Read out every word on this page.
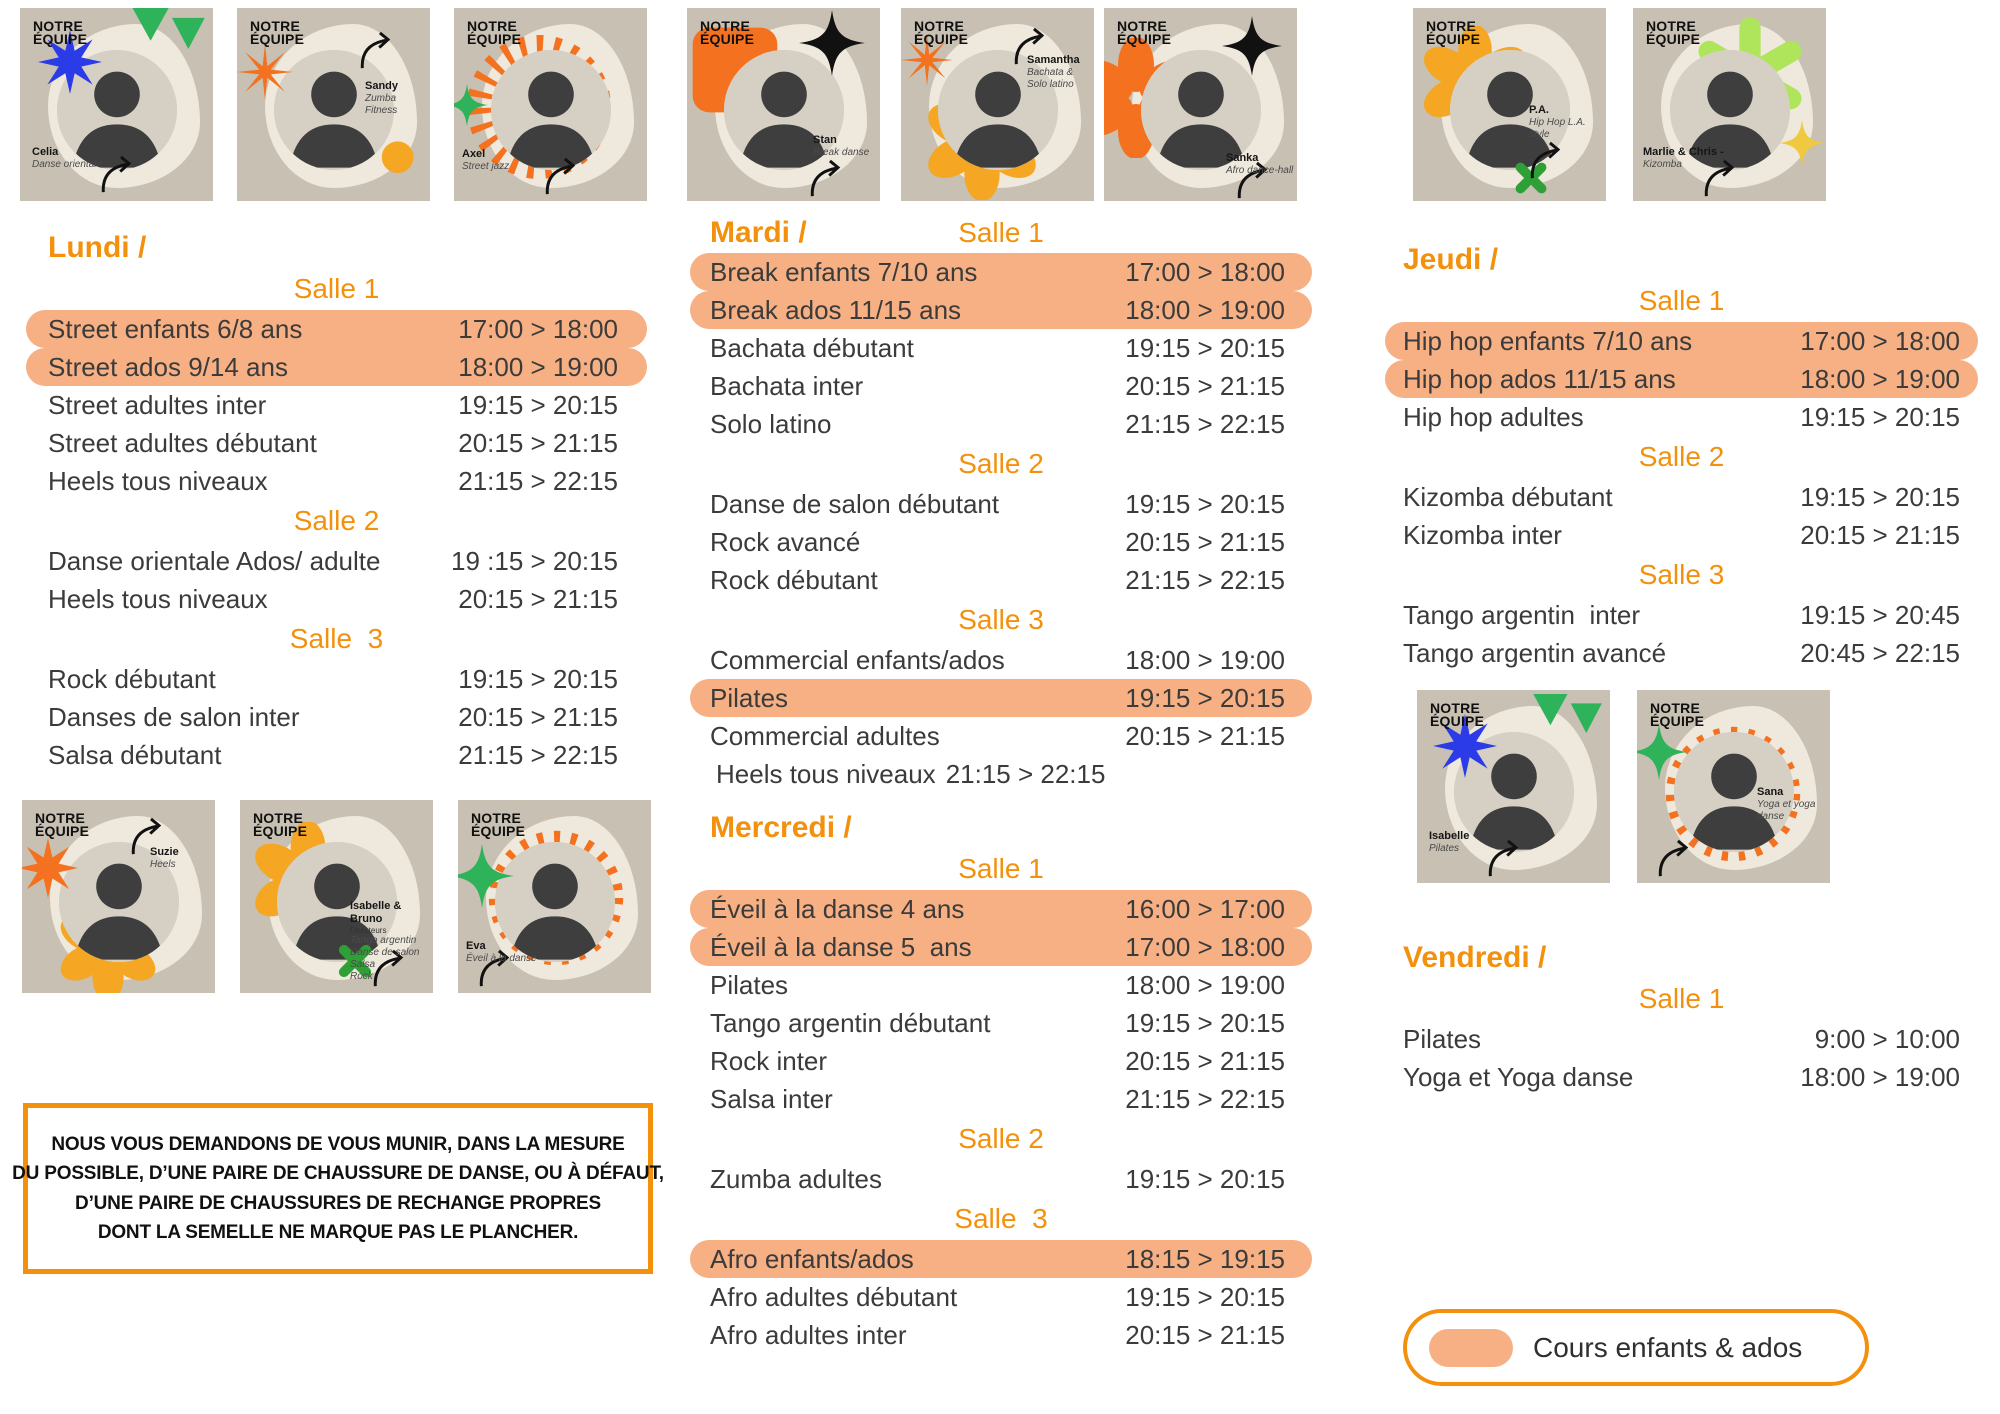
NOTRE
ÉQUIPE
Celia
Danse orientale
NOTRE
ÉQUIPE
Sandy
Zumba Fitness
NOTRE
ÉQUIPE
Axel
Street jazz
NOTRE
ÉQUIPE
Stan
Break danse
NOTRE
ÉQUIPE
Samantha
Bachata &
Solo latino
NOTRE
ÉQUIPE
Sanka
Afro dance-hall
NOTRE
ÉQUIPE
P.A.
Hip Hop L.A. style
NOTRE
ÉQUIPE
Marlie & Chris -
Kizomba
NOTRE
ÉQUIPE
Suzie
Heels
NOTRE
ÉQUIPE
Isabelle & Bruno
Directeurs
Tango argentin
Danse de salon
Salsa
Rock
NOTRE
ÉQUIPE
Eva
Éveil à la danse
NOTRE
ÉQUIPE
Isabelle
Pilates
NOTRE
ÉQUIPE
Sana
Yoga et yoga danse
Lundi /
Salle 1
Street enfants 6/8 ans	17:00 > 18:00
Street ados 9/14 ans	18:00 > 19:00
Street adultes inter	19:15 > 20:15
Street adultes débutant	20:15 > 21:15
Heels tous niveaux	21:15 > 22:15
Salle 2
Danse orientale Ados/ adulte	19 :15 > 20:15
Heels tous niveaux	20:15 > 21:15
Salle  3
Rock débutant	19:15 > 20:15
Danses de salon inter	20:15 > 21:15
Salsa débutant	21:15 > 22:15
Mardi /	Salle 1
Break enfants 7/10 ans	17:00 > 18:00
Break ados 11/15 ans	18:00 > 19:00
Bachata débutant	19:15 > 20:15
Bachata inter	20:15 > 21:15
Solo latino	21:15 > 22:15
Salle 2
Danse de salon débutant	19:15 > 20:15
Rock avancé	20:15 > 21:15
Rock débutant	21:15 > 22:15
Salle 3
Commercial enfants/ados	18:00 > 19:00
Pilates	19:15 > 20:15
Commercial adultes	20:15 > 21:15
Heels tous niveaux 21:15 > 22:15
Mercredi /
Salle 1
Éveil à la danse 4 ans	16:00 > 17:00
Éveil à la danse 5  ans	17:00 > 18:00
Pilates	18:00 > 19:00
Tango argentin débutant	19:15 > 20:15
Rock inter	20:15 > 21:15
Salsa inter	21:15 > 22:15
Salle 2
Zumba adultes	19:15 > 20:15
Salle  3
Afro enfants/ados	18:15 > 19:15
Afro adultes débutant	19:15 > 20:15
Afro adultes inter	20:15 > 21:15
Jeudi /
Salle 1
Hip hop enfants 7/10 ans	17:00 > 18:00
Hip hop ados 11/15 ans	18:00 > 19:00
Hip hop adultes	19:15 > 20:15
Salle 2
Kizomba débutant	19:15 > 20:15
Kizomba inter	20:15 > 21:15
Salle 3
Tango argentin  inter	19:15 > 20:45
Tango argentin avancé	20:45 > 22:15
Vendredi /
Salle 1
Pilates	9:00 > 10:00
Yoga et Yoga danse	18:00 > 19:00

NOUS VOUS DEMANDONS DE VOUS MUNIR, DANS LA MESURE

DU POSSIBLE, D’UNE PAIRE DE CHAUSSURE DE DANSE, OU À DÉFAUT,

D’UNE PAIRE DE CHAUSSURES DE RECHANGE PROPRES

DONT LA SEMELLE NE MARQUE PAS LE PLANCHER.

Cours enfants & ados
